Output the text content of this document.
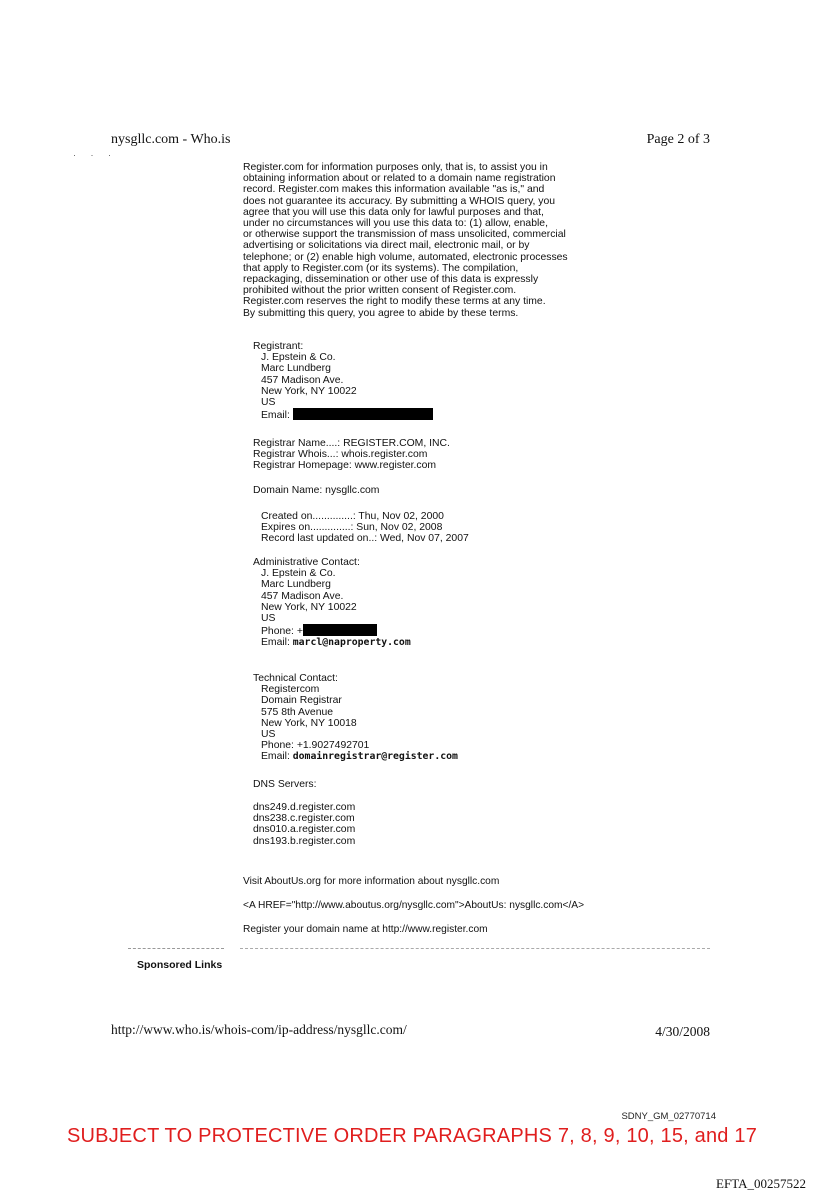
nysgllc.com - Who.is	Page 2 of 3
· · ·
Register.com for information purposes only, that is, to assist you in
obtaining information about or related to a domain name registration
record. Register.com makes this information available "as is," and
does not guarantee its accuracy. By submitting a WHOIS query, you
agree that you will use this data only for lawful purposes and that,
under no circumstances will you use this data to: (1) allow, enable,
or otherwise support the transmission of mass unsolicited, commercial
advertising or solicitations via direct mail, electronic mail, or by
telephone; or (2) enable high volume, automated, electronic processes
that apply to Register.com (or its systems). The compilation,
repackaging, dissemination or other use of this data is expressly
prohibited without the prior written consent of Register.com.
Register.com reserves the right to modify these terms at any time.
By submitting this query, you agree to abide by these terms.
Registrant:
J. Epstein & Co.
Marc Lundberg
457 Madison Ave.
New York, NY 10022
US
Email:
Registrar Name....: REGISTER.COM, INC.
Registrar Whois...: whois.register.com
Registrar Homepage: www.register.com
Domain Name: nysgllc.com
Created on..............: Thu, Nov 02, 2000
Expires on..............: Sun, Nov 02, 2008
Record last updated on..: Wed, Nov 07, 2007
Administrative Contact:
J. Epstein & Co.
Marc Lundberg
457 Madison Ave.
New York, NY 10022
US
Phone: +
Email: marcl@naproperty.com
Technical Contact:
Registercom
Domain Registrar
575 8th Avenue
New York, NY 10018
US
Phone: +1.9027492701
Email: domainregistrar@register.com
DNS Servers:
dns249.d.register.com
dns238.c.register.com
dns010.a.register.com
dns193.b.register.com
Visit AboutUs.org for more information about nysgllc.com
<A HREF="http://www.aboutus.org/nysgllc.com">AboutUs: nysgllc.com</A>
Register your domain name at http://www.register.com
Sponsored Links
http://www.who.is/whois-com/ip-address/nysgllc.com/	4/30/2008
SDNY_GM_02770714
SUBJECT TO PROTECTIVE ORDER PARAGRAPHS 7, 8, 9, 10, 15, and 17
EFTA_00257522
